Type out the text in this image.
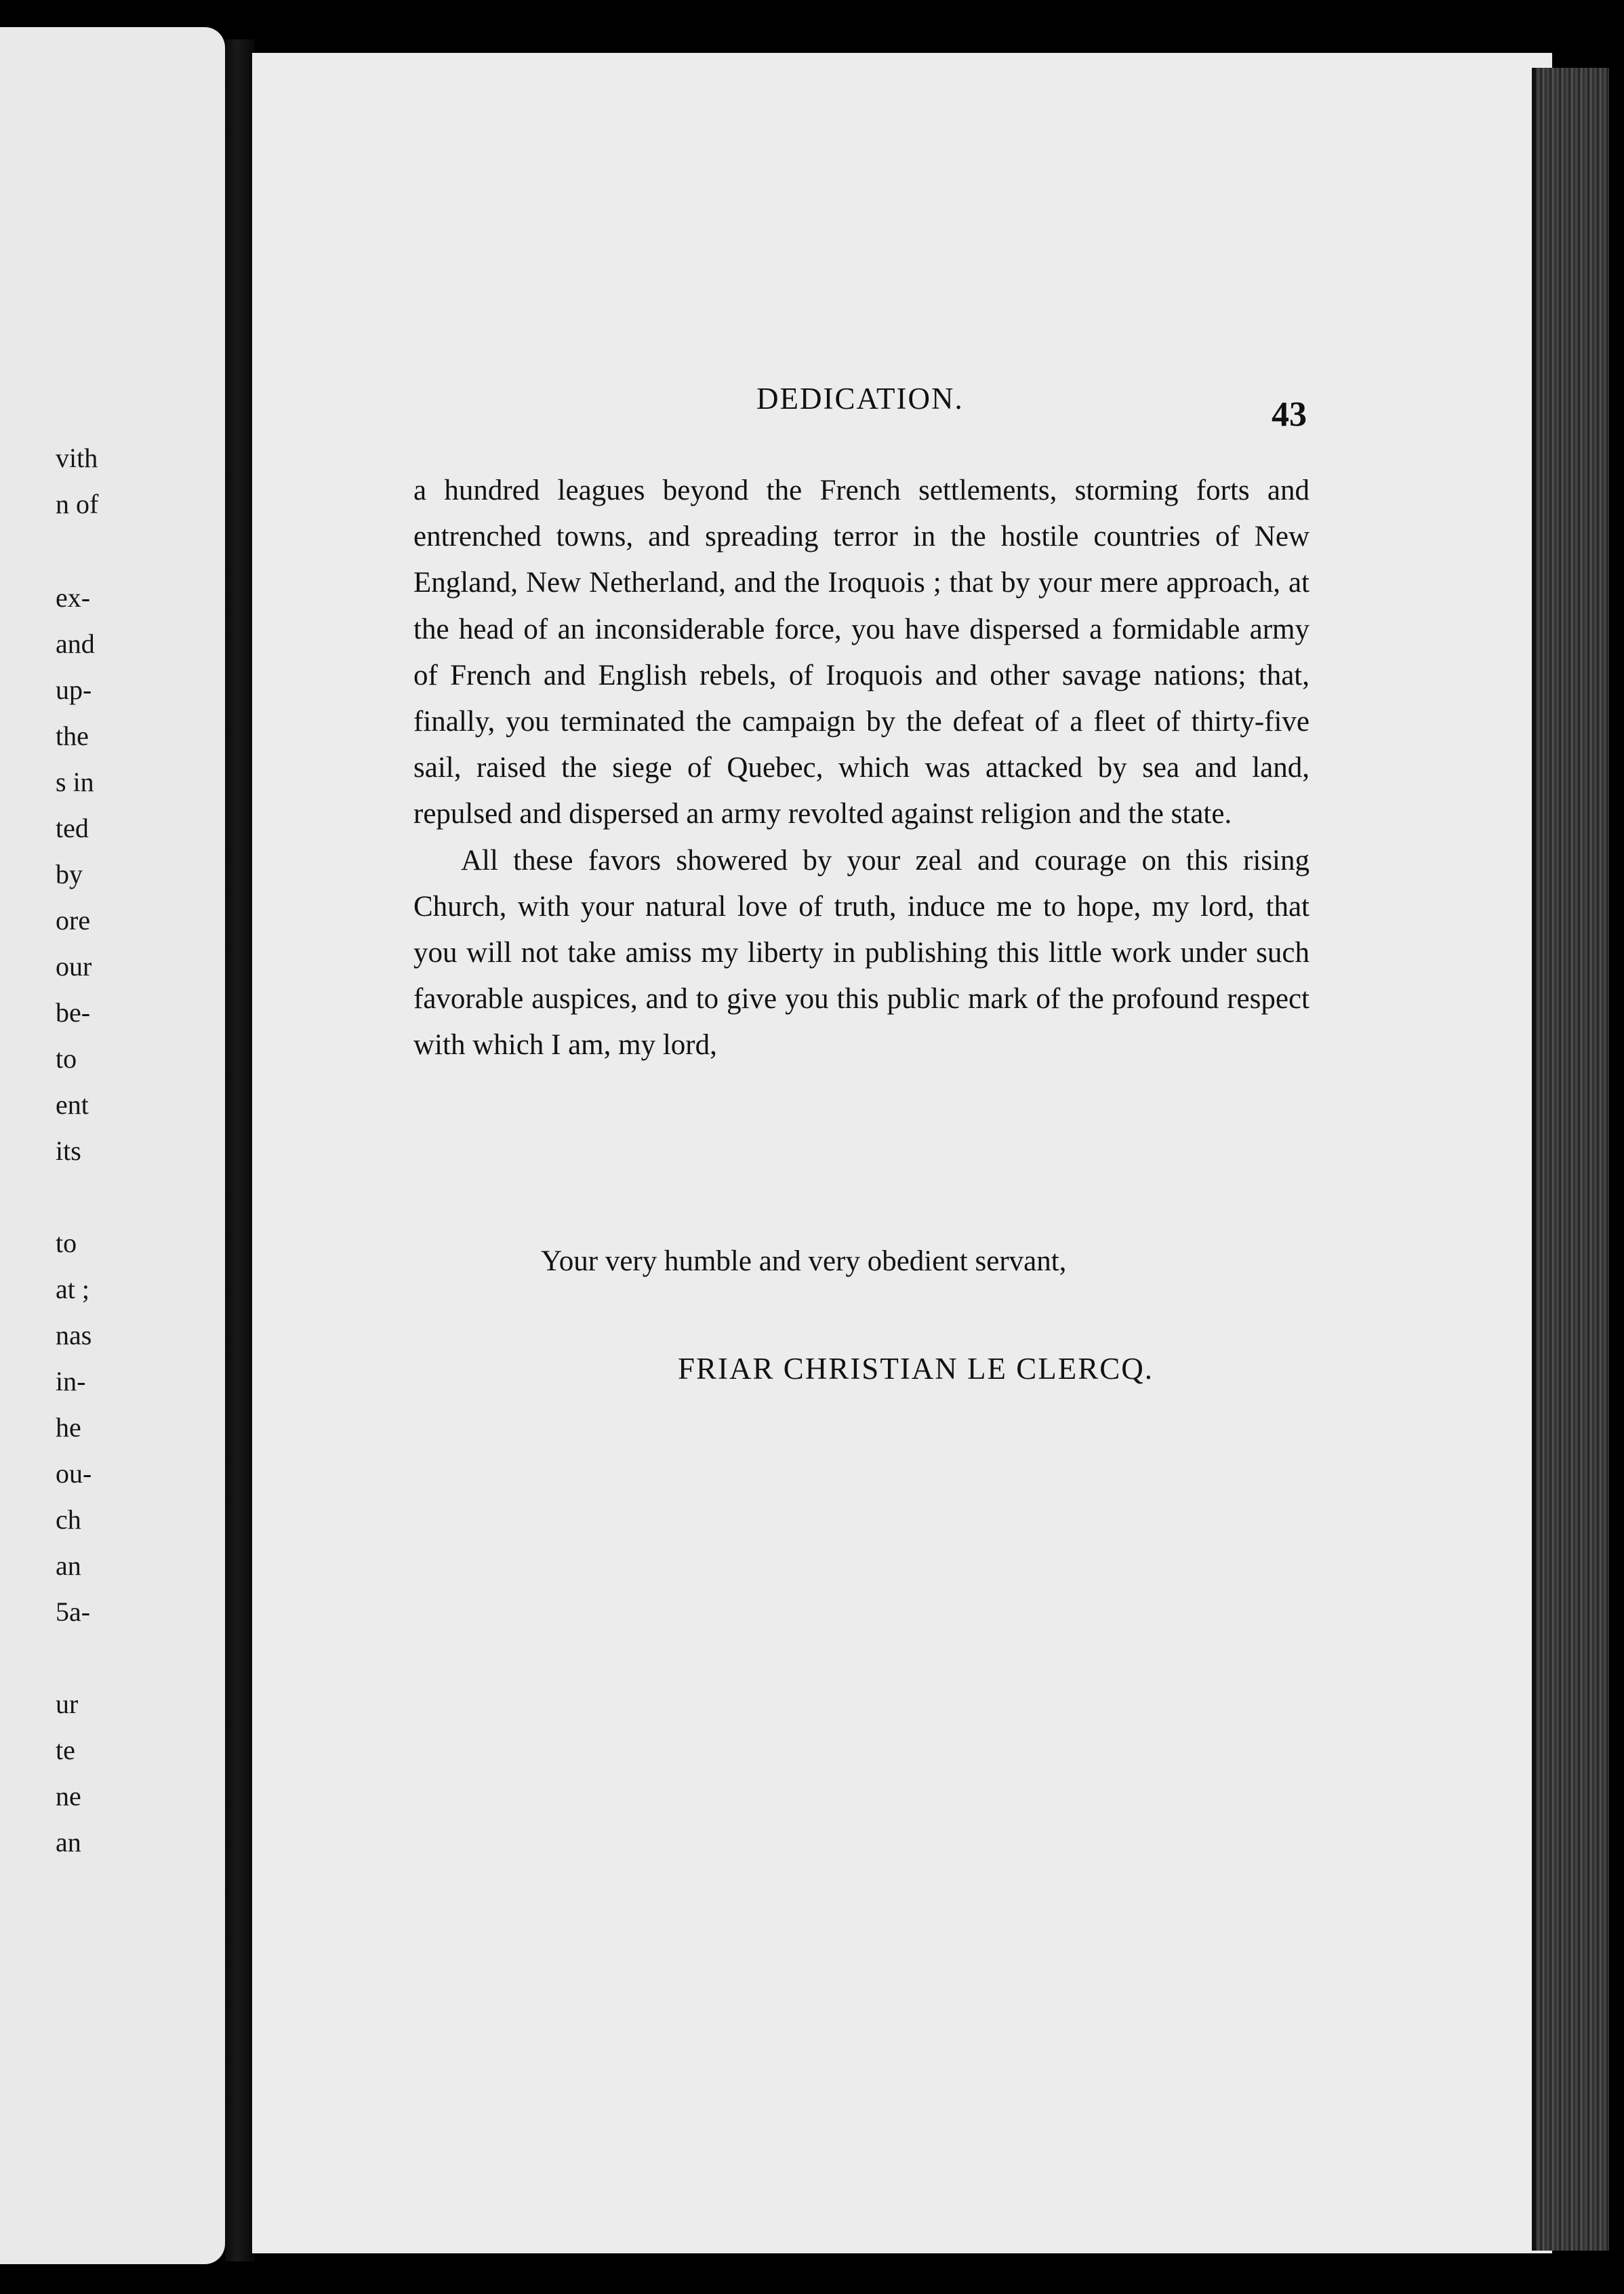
vith
n of
ex-
and
up-
the
s in
ted
by
ore
our
be-
to
ent
its
to
at ;
nas
in-
he
ou-
ch
an
5a-
ur
te
ne
an
DEDICATION.	43

a hundred leagues beyond the French settlements, storming forts and entrenched towns, and spreading terror in the hostile countries of New England, New Netherland, and the Iroquois ; that by your mere approach, at the head of an inconsiderable force, you have dispersed a formidable army of French and English rebels, of Iroquois and other savage nations; that, finally, you terminated the campaign by the defeat of a fleet of thirty-five sail, raised the siege of Quebec, which was attacked by sea and land, repulsed and dispersed an army revolted against religion and the state.

All these favors showered by your zeal and courage on this rising Church, with your natural love of truth, induce me to hope, my lord, that you will not take amiss my liberty in publishing this little work under such favorable auspices, and to give you this public mark of the profound respect with which I am, my lord,

Your very humble and very obedient servant,
FRIAR CHRISTIAN LE CLERCQ.
